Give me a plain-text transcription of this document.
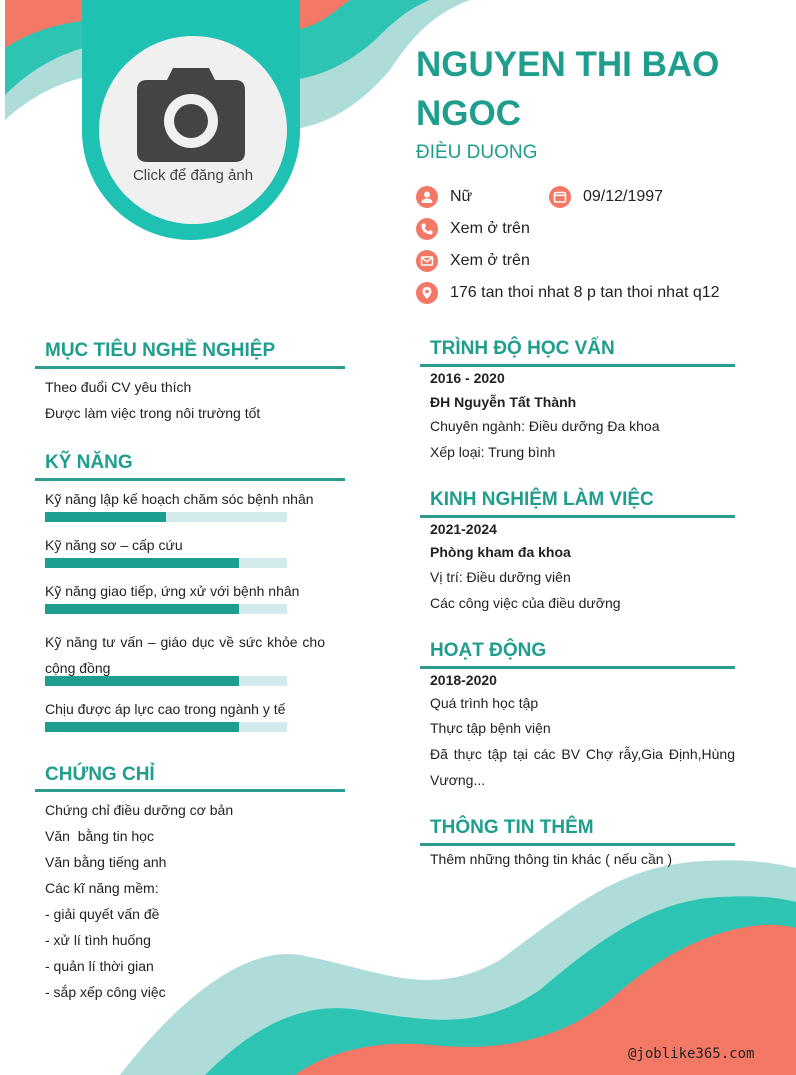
Click để đăng ảnh
NGUYEN THI BAO NGOC
ĐIÈU DUONG
Nữ	09/12/1997
Xem ở trên
Xem ở trên
176 tan thoi nhat 8 p tan thoi nhat q12
MỤC TIÊU NGHỀ NGHIỆP
Theo đuổi CV yêu thích
Được làm việc trong nôi trường tốt
KỸ NĂNG
Kỹ năng lập kế hoạch chăm sóc bệnh nhân
Kỹ năng sơ – cấp cứu
Kỹ năng giao tiếp, ứng xử với bệnh nhân
Kỹ năng tư vấn – giáo dục về sức khỏe cho cộng đồng
Chịu được áp lực cao trong ngành y tế
CHỨNG CHỈ
Chứng chỉ điều dưỡng cơ bản
Văn  bằng tin học
Văn bằng tiếng anh
Các kĩ năng mềm:
- giải quyết vấn đề
- xử lí tình huống
- quản lí thời gian
- sắp xếp công việc
TRÌNH ĐỘ HỌC VẤN
2016 - 2020
ĐH Nguyễn Tất Thành
Chuyên ngành: Điều dưỡng Đa khoa
Xếp loại: Trung bình
KINH NGHIỆM LÀM VIỆC
2021-2024
Phòng kham đa khoa
Vị trí: Điều dưỡng viên
Các công việc của điều dưỡng
HOẠT ĐỘNG
2018-2020
Quá trình học tập
Thực tập bệnh viện
Đã thực tập tại các BV Chợ rẫy,Gia Định,Hùng Vương...
THÔNG TIN THÊM
Thêm những thông tin khác ( nếu cần )
@joblike365.com
